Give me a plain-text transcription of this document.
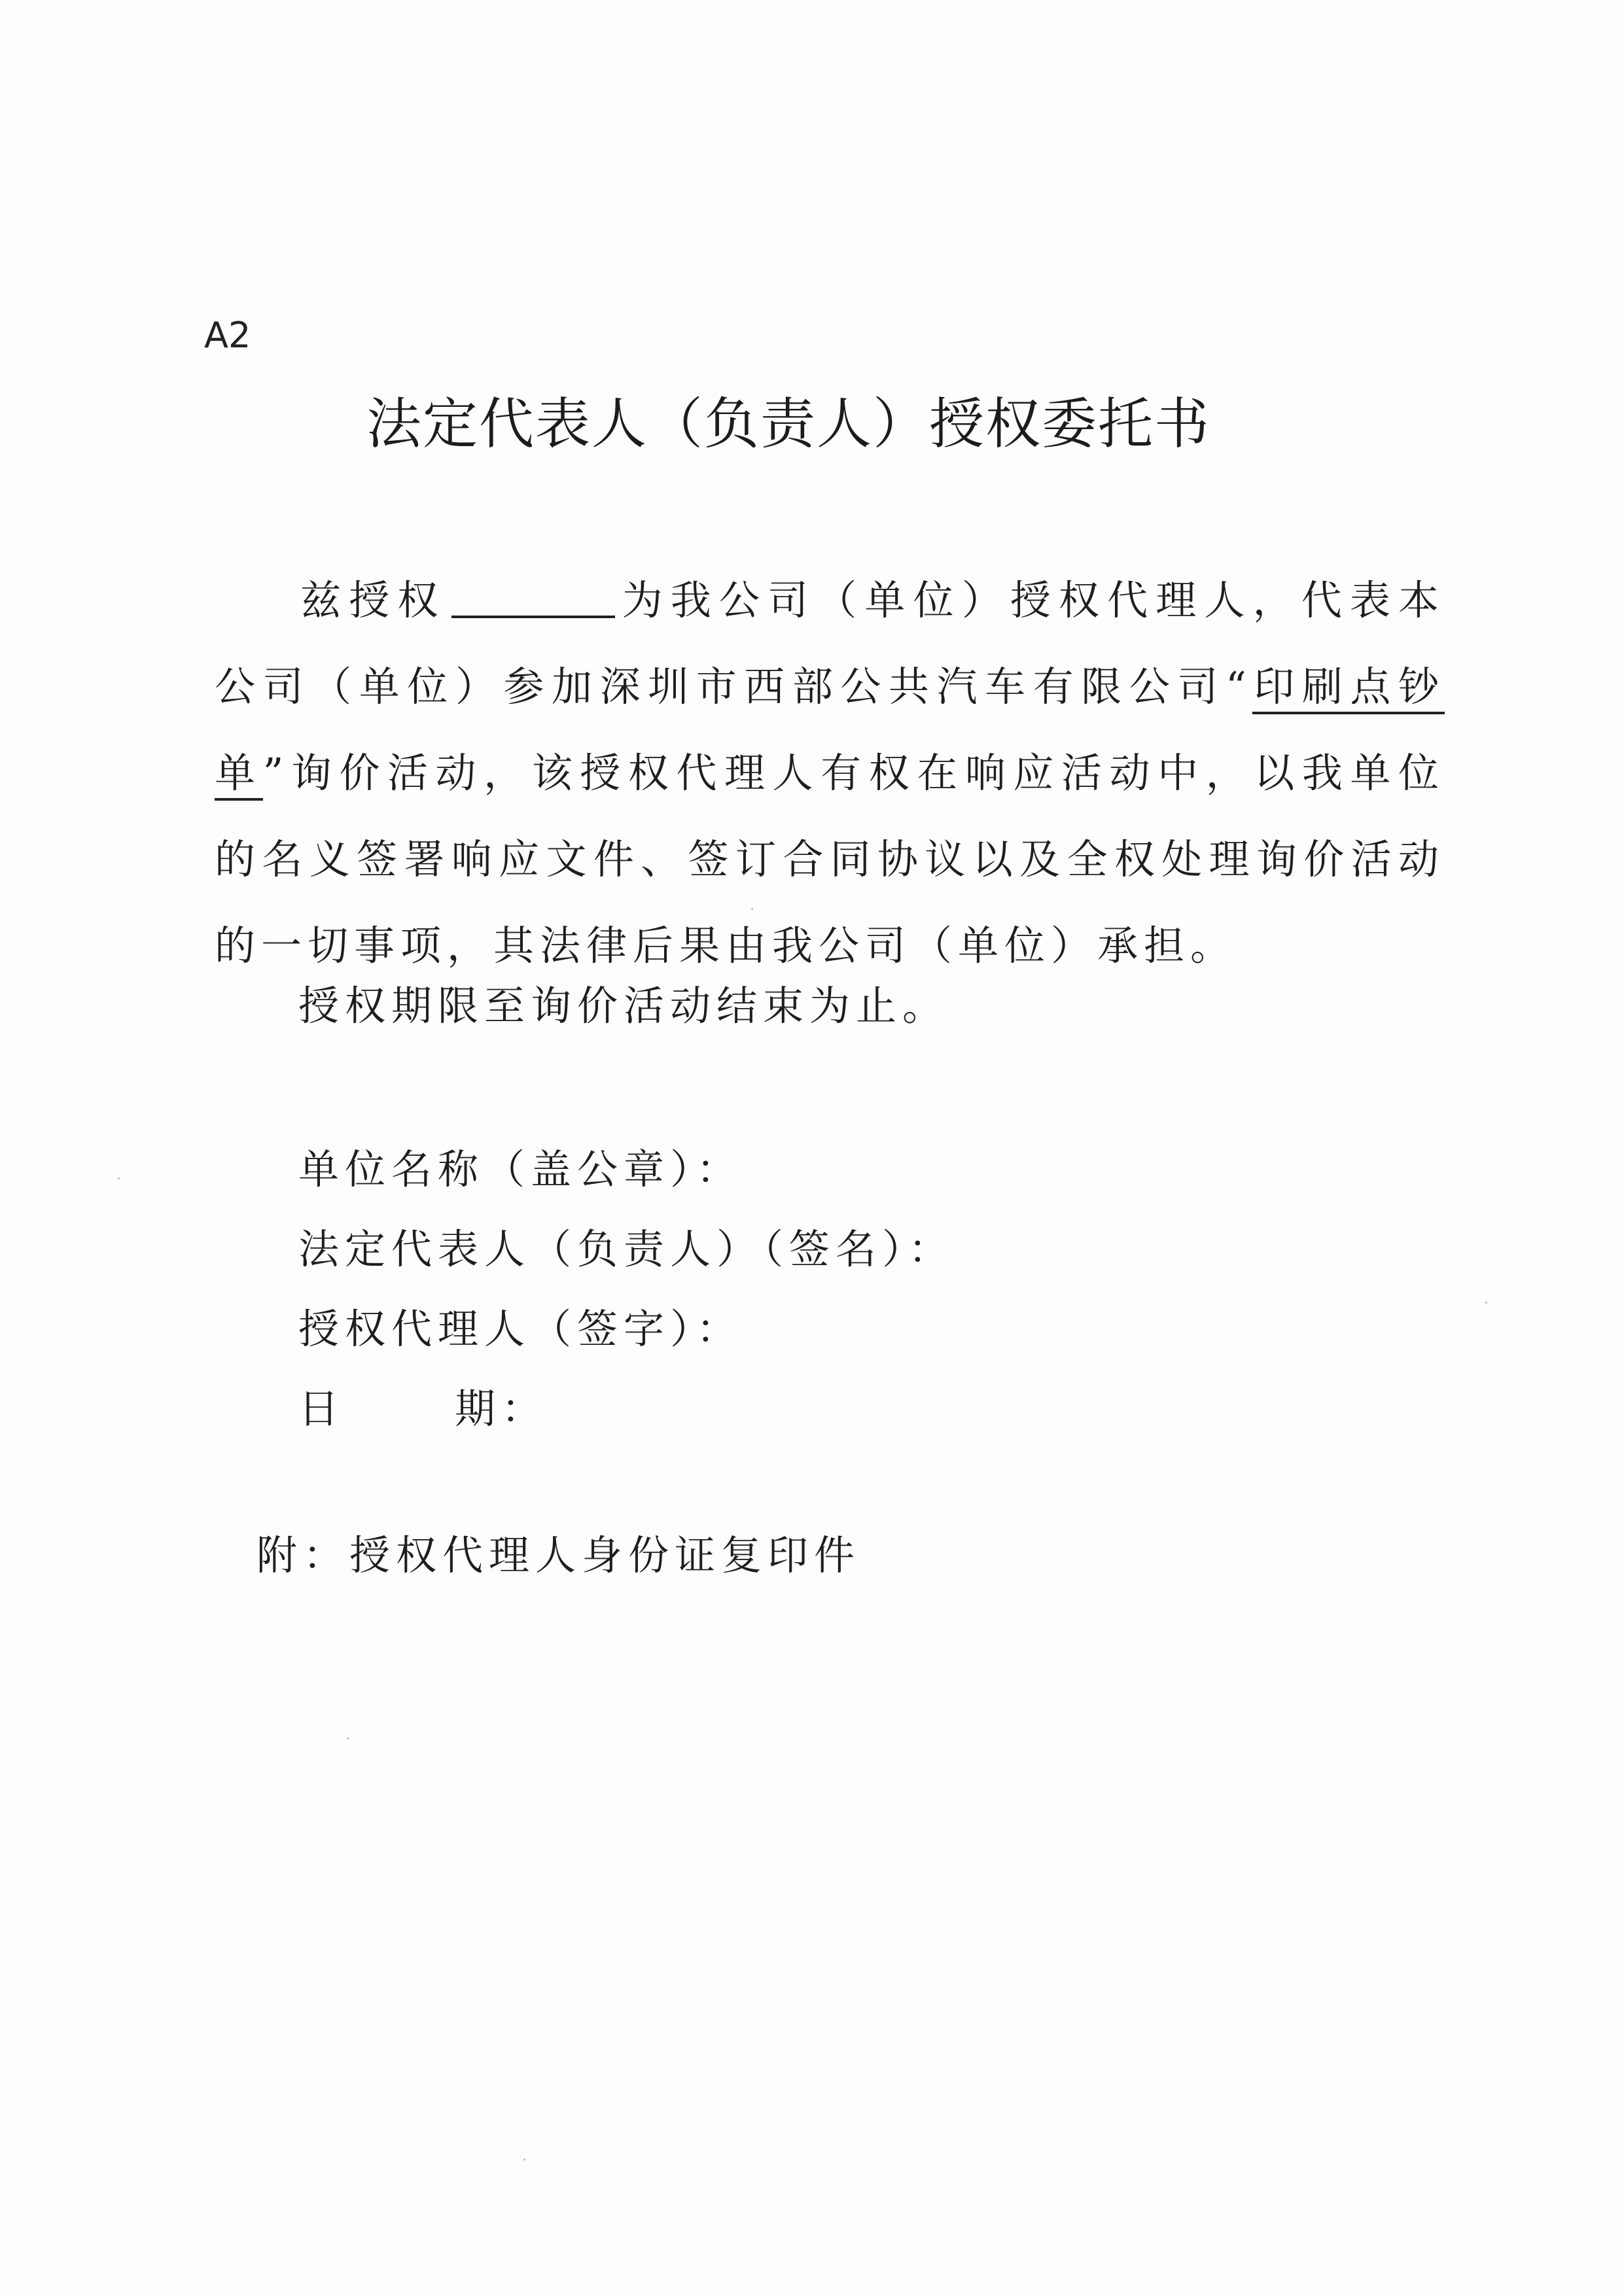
A2
法定代表人（负责人）授权委托书
兹授权	为我公司（单位）授权代理人，代表本公司（单位）参加深圳市西部公共汽车有限公司“印刷点钞单”询价活动，该授权代理人有权在响应活动中，以我单位的名义签署响应文件、签订合同协议以及全权处理询价活动的一切事项，其法律后果由我公司（单位）承担。
授权期限至询价活动结束为止。
单位名称（盖公章）：
法定代表人（负责人）（签名）：
授权代理人（签字）：
日	期：
附：授权代理人身份证复印件
